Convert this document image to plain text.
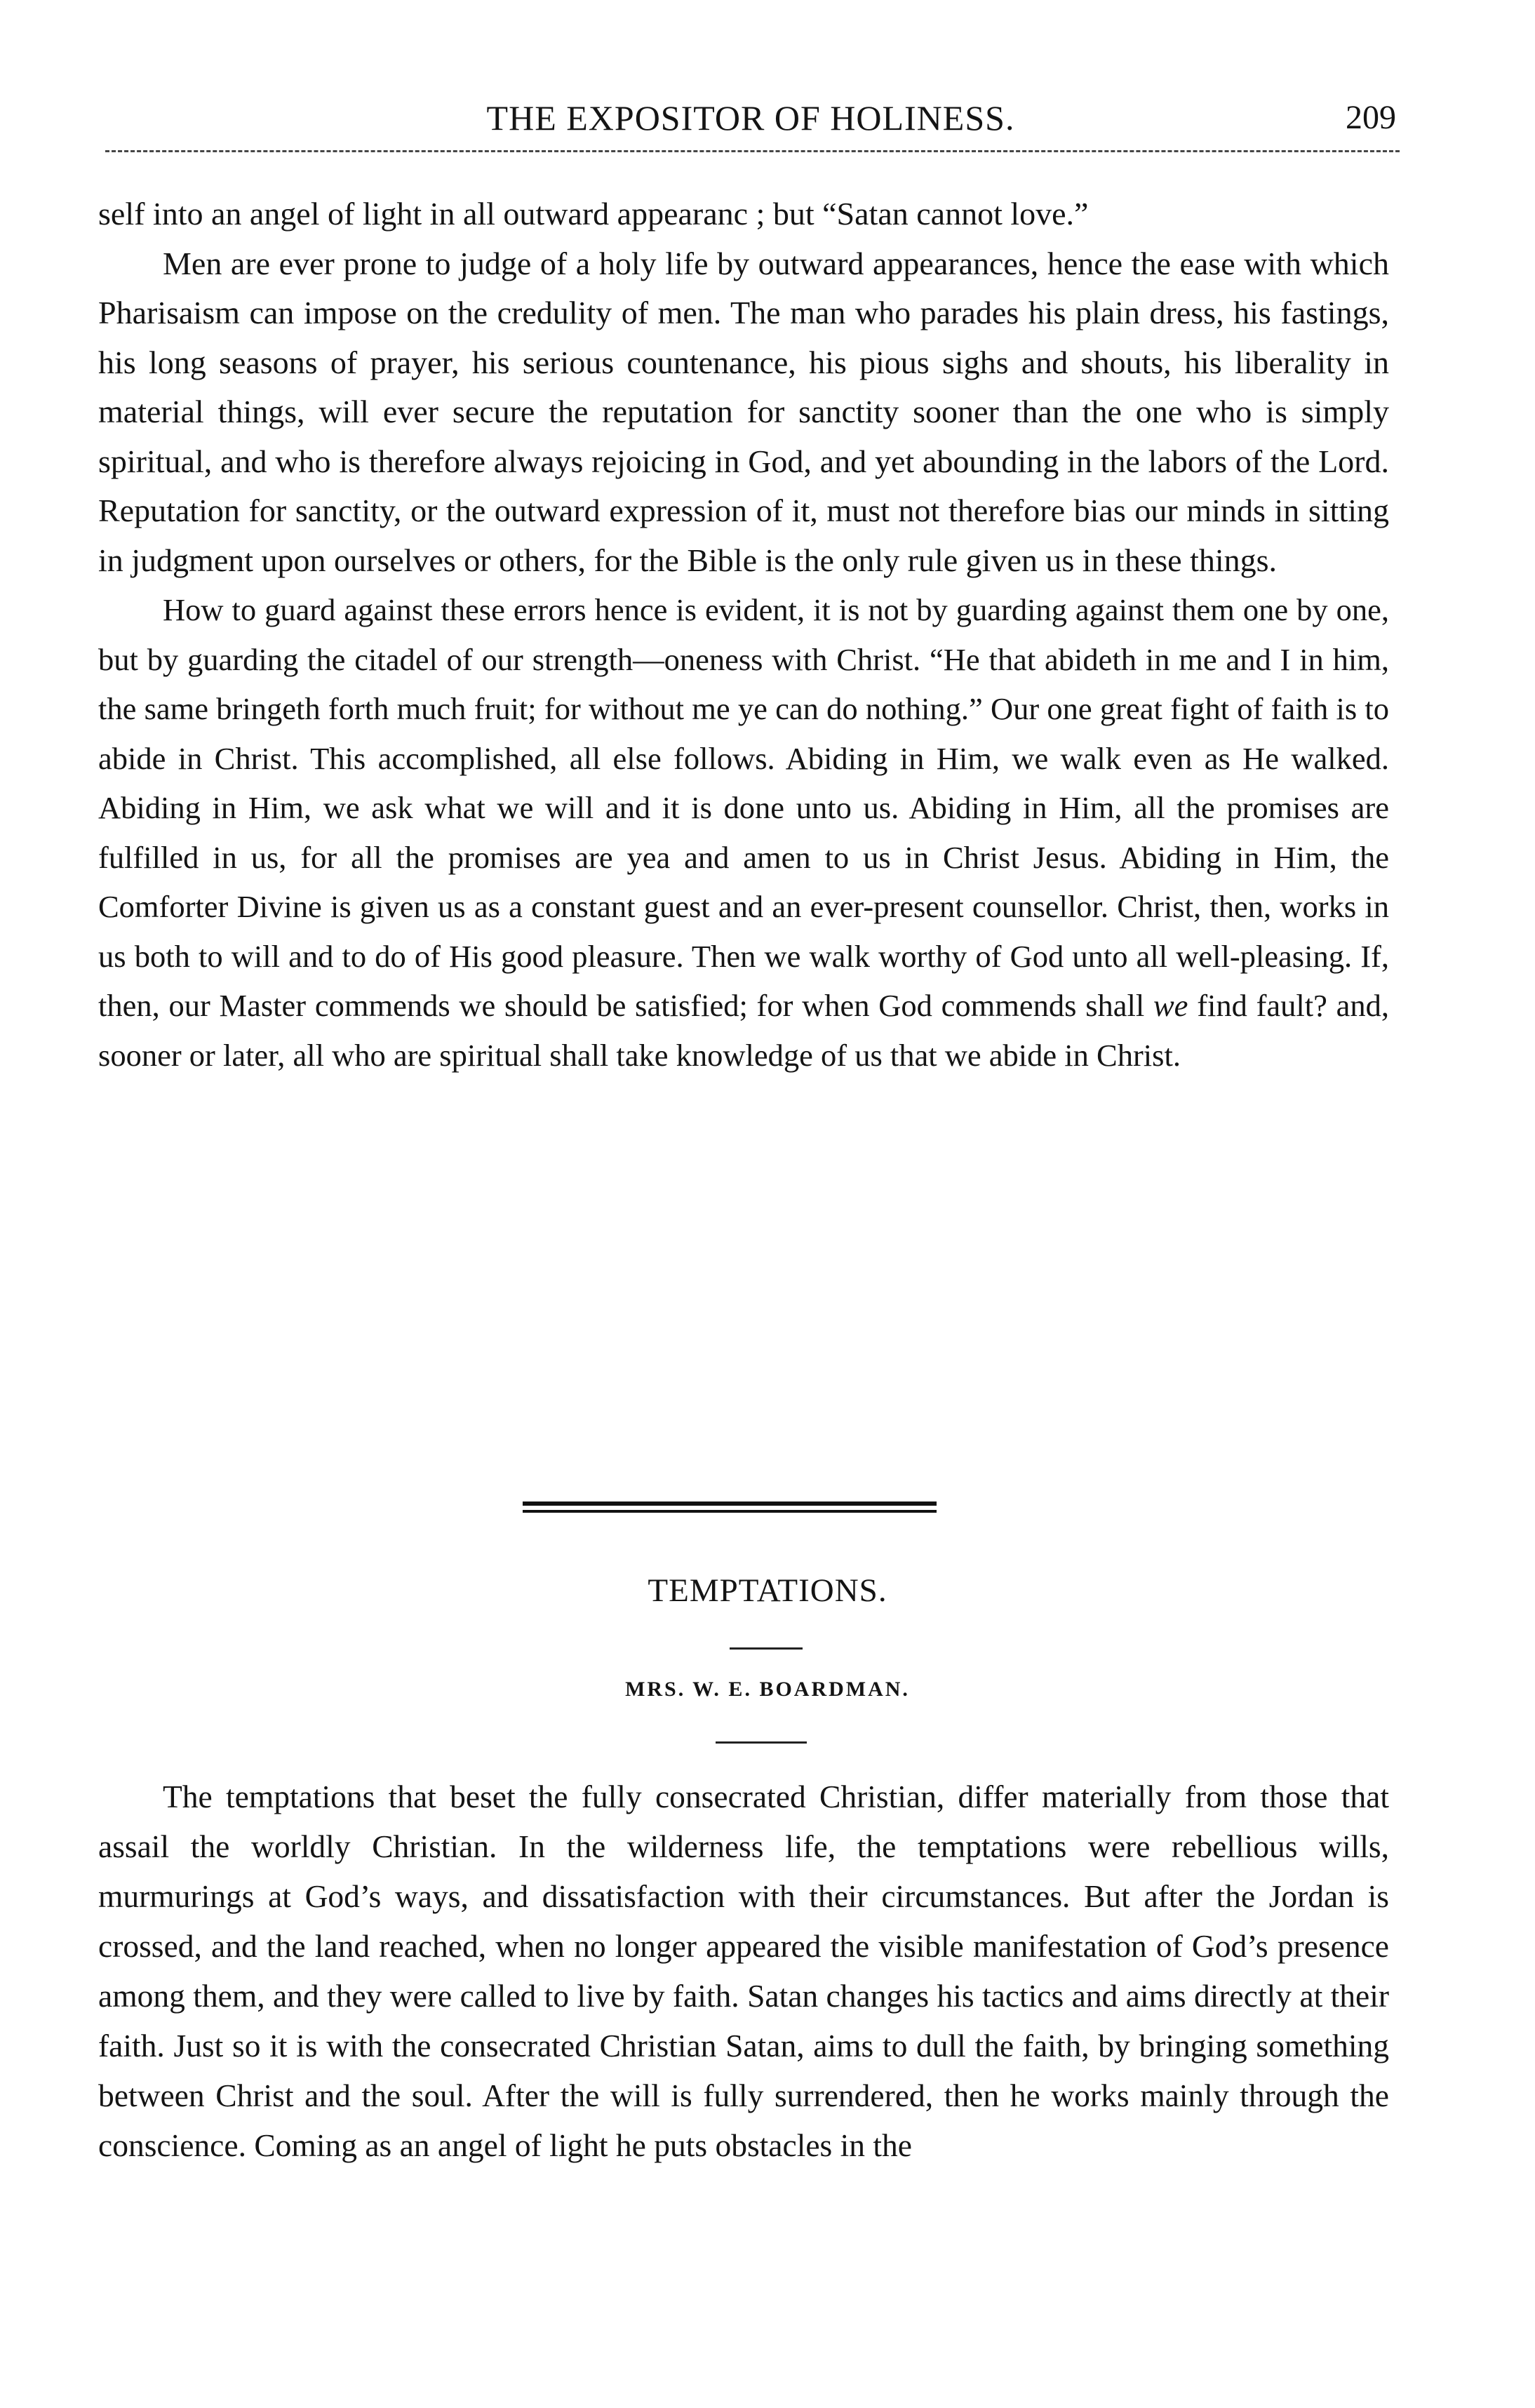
THE EXPOSITOR OF HOLINESS.	209

self into an angel of light in all outward appearanc ; but “Satan cannot love.”

Men are ever prone to judge of a holy life by outward appearances, hence the ease with which Pharisaism can impose on the credulity of men. The man who parades his plain dress, his fastings, his long seasons of prayer, his serious countenance, his pious sighs and shouts, his liberality in material things, will ever secure the reputation for sanctity sooner than the one who is simply spiritual, and who is therefore always rejoicing in God, and yet abounding in the labors of the Lord. Reputation for sanctity, or the outward expression of it, must not therefore bias our minds in sitting in judgment upon ourselves or others, for the Bible is the only rule given us in these things.

How to guard against these errors hence is evident, it is not by guarding against them one by one, but by guarding the citadel of our strength—oneness with Christ. “He that abideth in me and I in him, the same bringeth forth much fruit; for without me ye can do nothing.” Our one great fight of faith is to abide in Christ. This accomplished, all else follows. Abiding in Him, we walk even as He walked. Abiding in Him, we ask what we will and it is done unto us. Abiding in Him, all the promises are fulfilled in us, for all the promises are yea and amen to us in Christ Jesus. Abiding in Him, the Comforter Divine is given us as a constant guest and an ever-present counsellor. Christ, then, works in us both to will and to do of His good pleasure. Then we walk worthy of God unto all well-pleasing. If, then, our Master commends we should be satisfied; for when God commends shall we find fault? and, sooner or later, all who are spiritual shall take knowledge of us that we abide in Christ.

TEMPTATIONS.
MRS. W. E. BOARDMAN.

The temptations that beset the fully consecrated Christian, differ materially from those that assail the worldly Christian. In the wilderness life, the temptations were rebellious wills, murmurings at God’s ways, and dissatisfaction with their circumstances. But after the Jordan is crossed, and the land reached, when no longer appeared the visible manifestation of God’s presence among them, and they were called to live by faith. Satan changes his tactics and aims directly at their faith. Just so it is with the consecrated Christian Satan, aims to dull the faith, by bringing something between Christ and the soul. After the will is fully surrendered, then he works mainly through the conscience. Coming as an angel of light he puts obstacles in the
